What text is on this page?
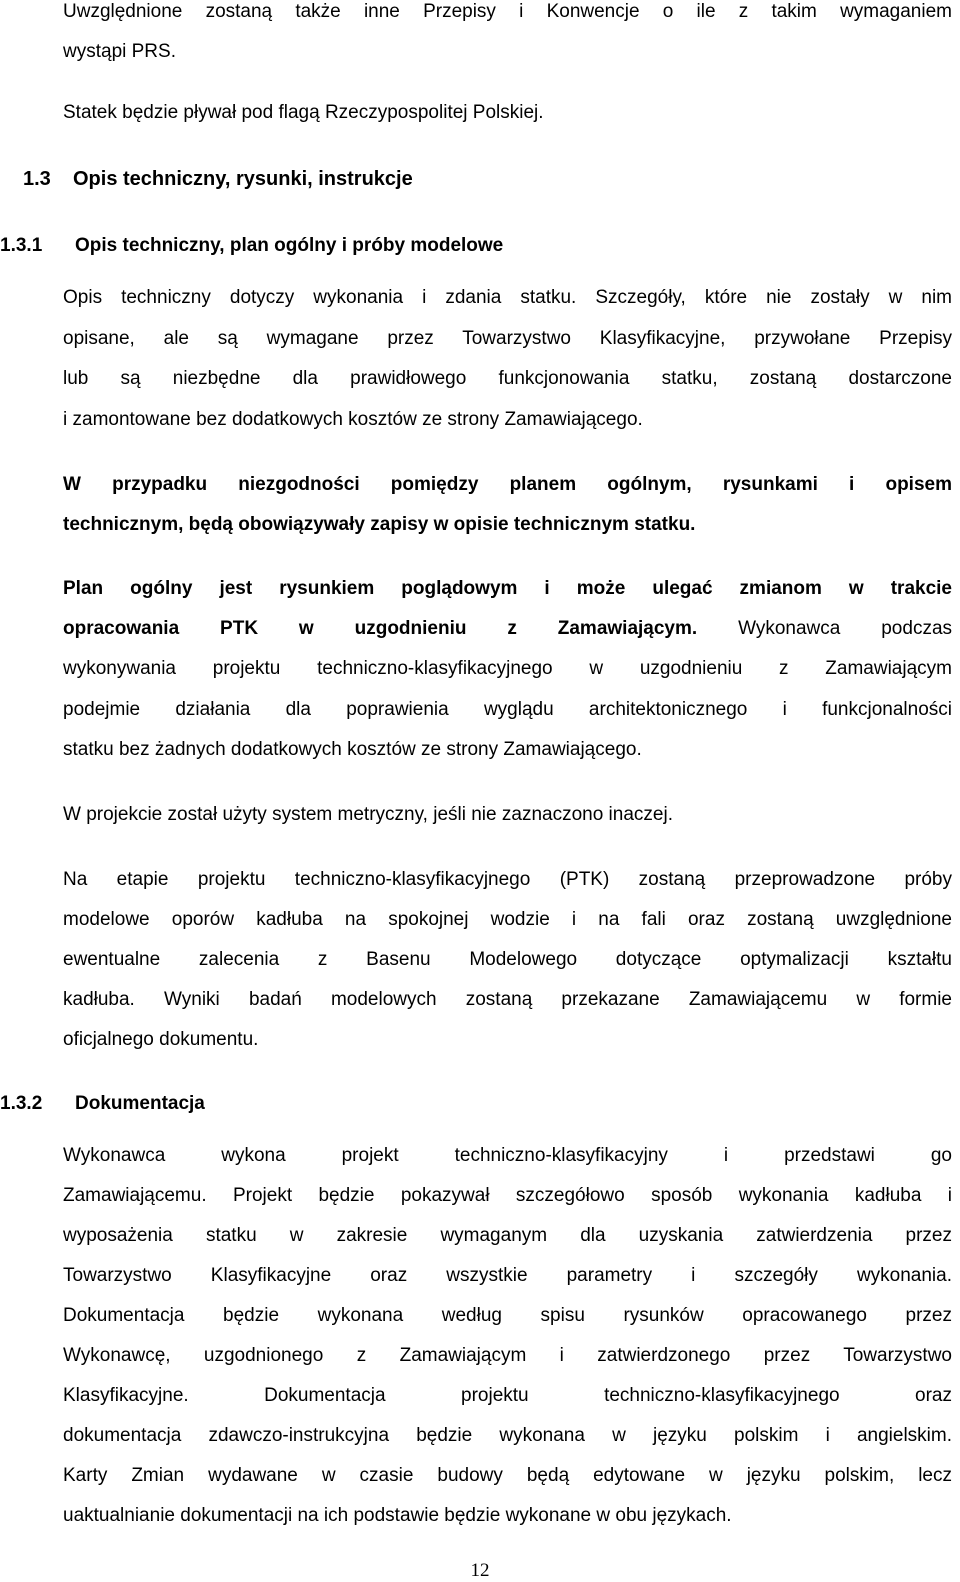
Uwzględnione zostaną także inne Przepisy i Konwencje o ile z takim wymaganiem

wystąpi PRS.

Statek będzie pływał pod flagą Rzeczypospolitej Polskiej.

1.3 Opis techniczny, rysunki, instrukcje
1.3.1 Opis techniczny, plan ogólny i próby modelowe
Opis techniczny dotyczy wykonania i zdania statku. Szczegóły, które nie zostały w nim

opisane, ale są wymagane przez Towarzystwo Klasyfikacyjne, przywołane Przepisy

lub są niezbędne dla prawidłowego funkcjonowania statku, zostaną dostarczone

i zamontowane bez dodatkowych kosztów ze strony Zamawiającego.

W przypadku niezgodności pomiędzy planem ogólnym, rysunkami i opisem

technicznym, będą obowiązywały zapisy w opisie technicznym statku.

Plan ogólny jest rysunkiem poglądowym i może ulegać zmianom w trakcie

opracowania PTK w uzgodnieniu z Zamawiającym. Wykonawca podczas

wykonywania projektu techniczno-klasyfikacyjnego w uzgodnieniu z Zamawiającym

podejmie działania dla poprawienia wyglądu architektonicznego i funkcjonalności

statku bez żadnych dodatkowych kosztów ze strony Zamawiającego.

W projekcie został użyty system metryczny, jeśli nie zaznaczono inaczej.

Na etapie projektu techniczno-klasyfikacyjnego (PTK) zostaną przeprowadzone próby

modelowe oporów kadłuba na spokojnej wodzie i na fali oraz zostaną uwzględnione

ewentualne zalecenia z Basenu Modelowego dotyczące optymalizacji kształtu

kadłuba. Wyniki badań modelowych zostaną przekazane Zamawiającemu w formie

oficjalnego dokumentu.

1.3.2 Dokumentacja

Wykonawca wykona projekt techniczno-klasyfikacyjny i przedstawi go

Zamawiającemu. Projekt będzie pokazywał szczegółowo sposób wykonania kadłuba i

wyposażenia statku w zakresie wymaganym dla uzyskania zatwierdzenia przez

Towarzystwo Klasyfikacyjne oraz wszystkie parametry i szczegóły wykonania.

Dokumentacja będzie wykonana według spisu rysunków opracowanego przez

Wykonawcę, uzgodnionego z Zamawiającym i zatwierdzonego przez Towarzystwo

Klasyfikacyjne. Dokumentacja projektu techniczno-klasyfikacyjnego oraz

dokumentacja zdawczo-instrukcyjna będzie wykonana w języku polskim i angielskim.

Karty Zmian wydawane w czasie budowy będą edytowane w języku polskim, lecz

uaktualnianie dokumentacji na ich podstawie będzie wykonane w obu językach.

12
